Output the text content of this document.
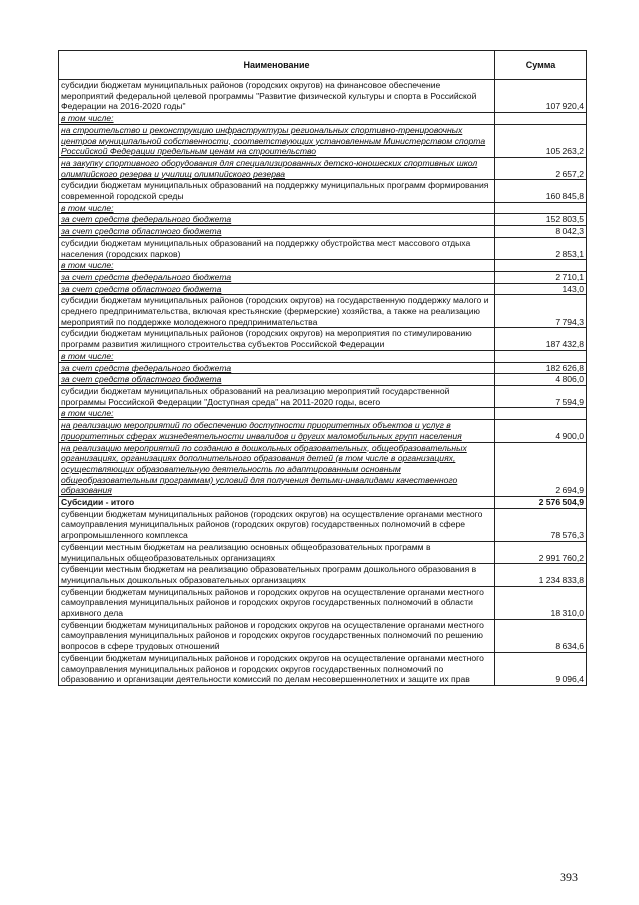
Наименование	Сумма
субсидии бюджетам муниципальных районов (городских округов) на финансовое обеспечение мероприятий федеральной целевой программы "Развитие физической культуры и спорта в Российской Федерации на 2016-2020 годы"	107 920,4
в том числе:	
на строительство и реконструкцию инфраструктуры региональных спортивно-тренировочных центров муниципальной собственности, соответствующих установленным Министерством спорта Российской Федерации предельным ценам на строительство	105 263,2
на закупку спортивного оборудования для специализированных детско-юношеских спортивных школ олимпийского резерва и училищ олимпийского резерва	2 657,2
субсидии бюджетам муниципальных образований на поддержку муниципальных программ формирования современной городской среды	160 845,8
в том числе:	
за счет средств федерального бюджета	152 803,5
за счет средств областного бюджета	8 042,3
субсидии бюджетам муниципальных образований на поддержку обустройства мест массового отдыха населения (городских парков)	2 853,1
в том числе:	
за счет средств федерального бюджета	2 710,1
за счет средств областного бюджета	143,0
субсидии бюджетам муниципальных районов (городских округов) на государственную поддержку малого и среднего предпринимательства, включая крестьянские (фермерские) хозяйства, а также на реализацию мероприятий по поддержке молодежного предпринимательства	7 794,3
субсидии бюджетам муниципальных районов (городских округов) на мероприятия по стимулированию программ развития жилищного строительства субъектов Российской Федерации	187 432,8
в том числе:	
за счет средств федерального бюджета	182 626,8
за счет средств областного бюджета	4 806,0
субсидии бюджетам муниципальных образований на реализацию мероприятий государственной программы Российской Федерации "Доступная среда" на 2011-2020 годы, всего	7 594,9
в том числе:	
на реализацию мероприятий по обеспечению доступности приоритетных объектов и услуг в приоритетных сферах жизнедеятельности инвалидов и других маломобильных групп населения	4 900,0
на реализацию мероприятий по созданию в дошкольных образовательных, общеобразовательных организациях, организациях дополнительного образования детей (в том числе в организациях, осуществляющих образовательную деятельность по адаптированным основным общеобразовательным программам) условий для получения детьми-инвалидами качественного образования	2 694,9
Субсидии - итого	2 576 504,9
субвенции бюджетам муниципальных районов (городских округов) на осуществление органами местного самоуправления муниципальных районов (городских округов) государственных полномочий в сфере агропромышленного комплекса	78 576,3
субвенции местным бюджетам на реализацию основных общеобразовательных программ в муниципальных общеобразовательных организациях	2 991 760,2
субвенции местным бюджетам на реализацию образовательных программ дошкольного образования в муниципальных дошкольных образовательных организациях	1 234 833,8
субвенции бюджетам муниципальных районов и городских округов на осуществление органами местного самоуправления муниципальных районов и городских округов государственных полномочий в области архивного дела	18 310,0
субвенции бюджетам муниципальных районов и городских округов на осуществление органами местного самоуправления муниципальных районов и городских округов государственных полномочий по решению вопросов в сфере трудовых отношений	8 634,6
субвенции бюджетам муниципальных районов и городских округов на осуществление органами местного самоуправления муниципальных районов и городских округов государственных полномочий по образованию и организации деятельности комиссий по делам несовершеннолетних и защите их прав	9 096,4
393
